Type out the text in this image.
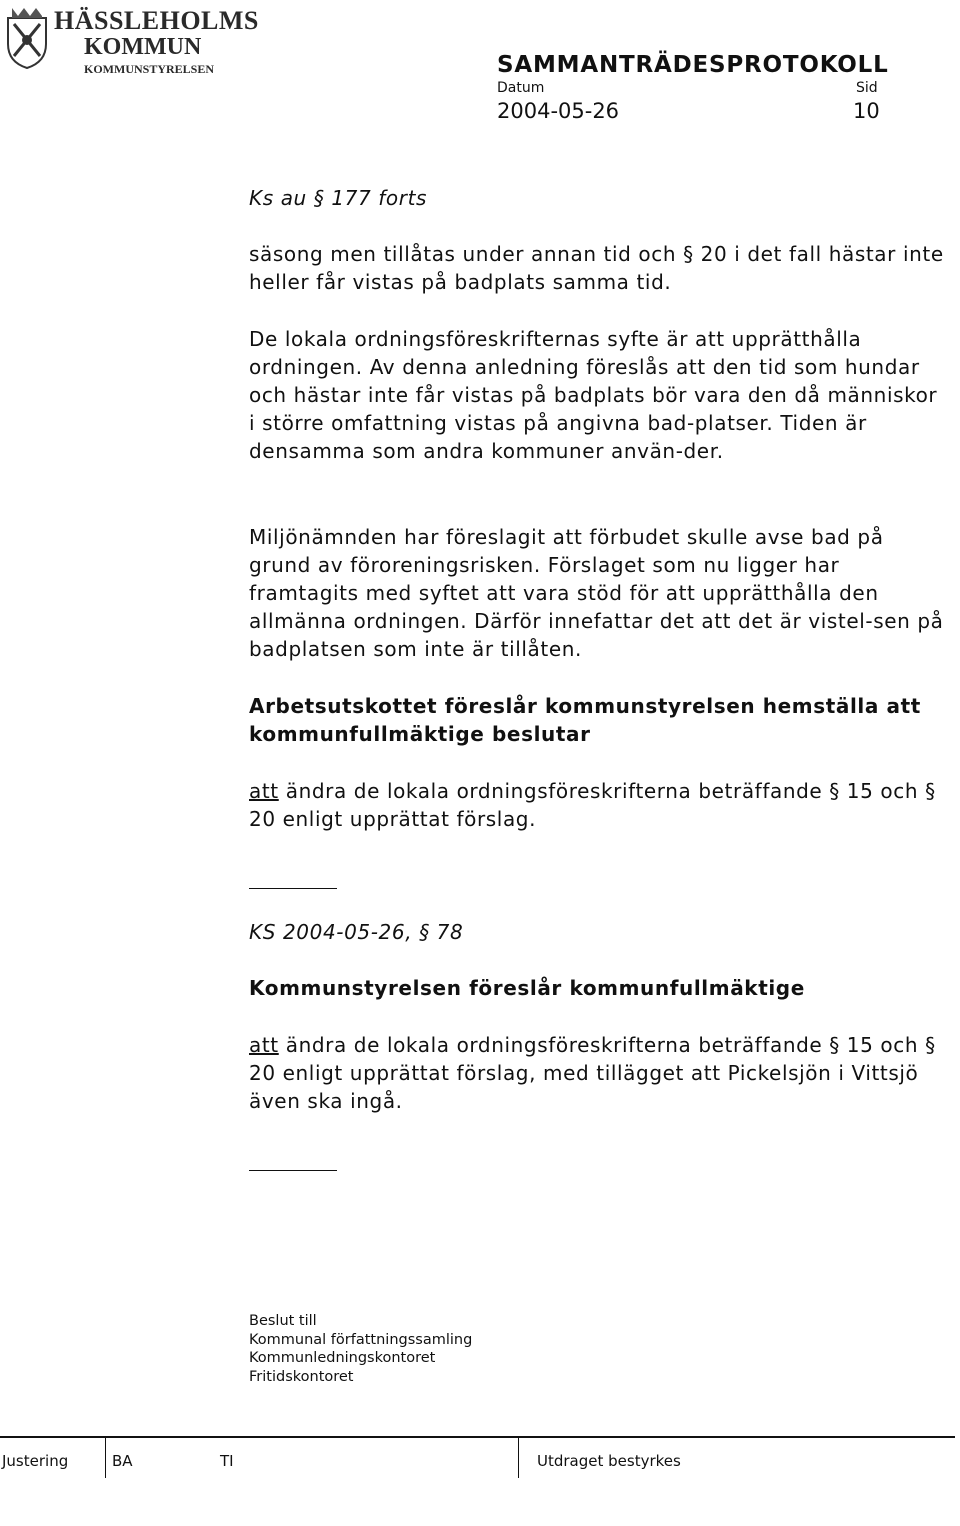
HÄSSLEHOLMS
KOMMUN
KOMMUNSTYRELSEN	SAMMANTRÄDESPROTOKOLL
Datum	Sid
2004-05-26	10
Ks au § 177 forts

säsong men tillåtas under annan tid och § 20 i det fall hästar inte heller får vistas på badplats samma tid.

De lokala ordningsföreskrifternas syfte är att upprätthålla ordningen. Av denna anledning föreslås att den tid som hundar och hästar inte får vistas på badplats bör vara den då människor i större omfattning vistas på angivna bad-platser. Tiden är densamma som andra kommuner använ-der.

Miljönämnden har föreslagit att förbudet skulle avse bad på grund av föroreningsrisken. Förslaget som nu ligger har framtagits med syftet att vara stöd för att upprätthålla den allmänna ordningen. Därför innefattar det att det är vistel-sen på badplatsen som inte är tillåten.

Arbetsutskottet föreslår kommunstyrelsen hemställa att kommunfullmäktige beslutar

att ändra de lokala ordningsföreskrifterna beträffande § 15 och § 20 enligt upprättat förslag.

KS 2004-05-26, § 78
Kommunstyrelsen föreslår kommunfullmäktige

att ändra de lokala ordningsföreskrifterna beträffande § 15 och § 20 enligt upprättat förslag, med tillägget att Pickelsjön i Vittsjö även ska ingå.

Beslut till
Kommunal författningssamling
Kommunledningskontoret
Fritidskontoret
Justering	BA	TI	Utdraget bestyrkes
